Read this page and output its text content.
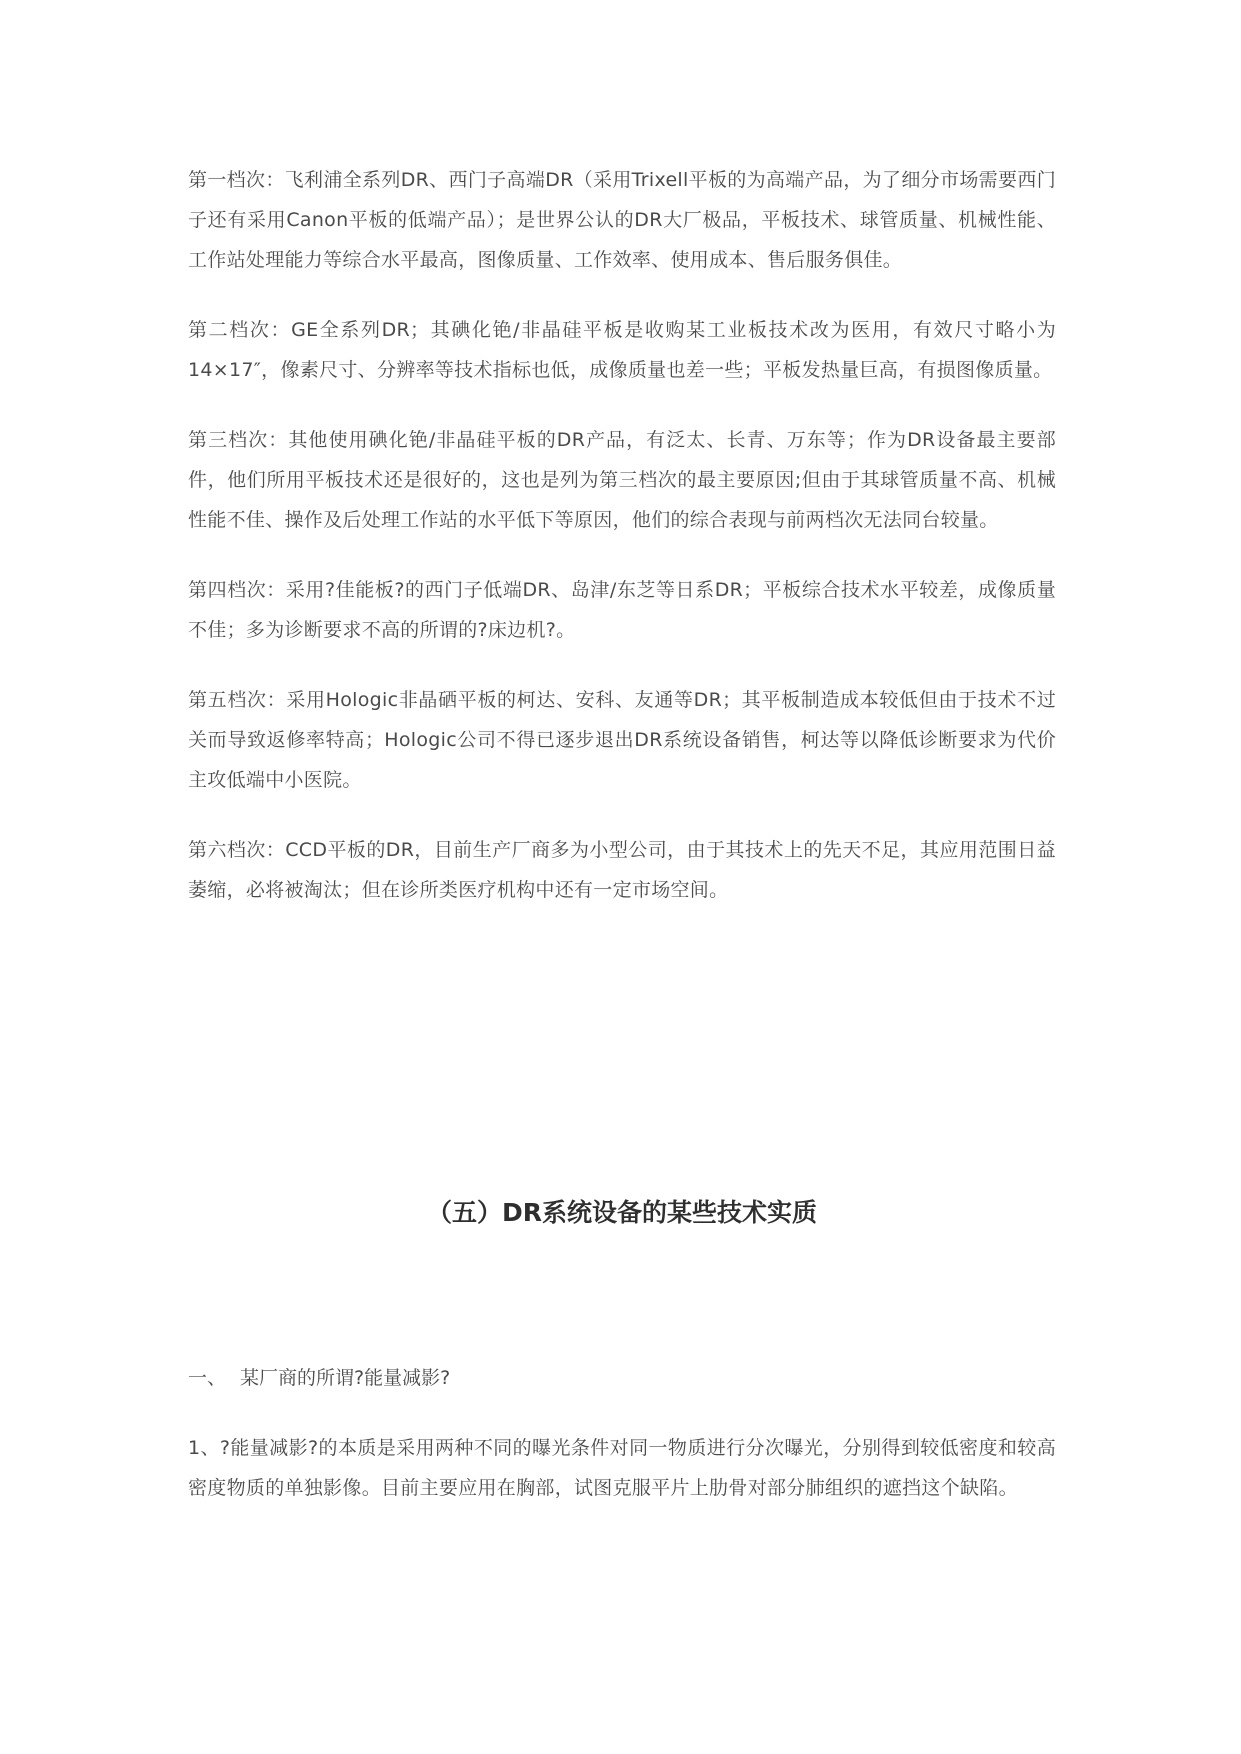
第一档次：飞利浦全系列DR、西门子高端DR（采用Trixell平板的为高端产品，为了细分市场需要西门子还有采用Canon平板的低端产品）；是世界公认的DR大厂极品，平板技术、球管质量、机械性能、工作站处理能力等综合水平最高，图像质量、工作效率、使用成本、售后服务俱佳。

第二档次：GE全系列DR；其碘化铯/非晶硅平板是收购某工业板技术改为医用，有效尺寸略小为14×17″，像素尺寸、分辨率等技术指标也低，成像质量也差一些；平板发热量巨高，有损图像质量。

第三档次：其他使用碘化铯/非晶硅平板的DR产品，有泛太、长青、万东等；作为DR设备最主要部件，他们所用平板技术还是很好的，这也是列为第三档次的最主要原因;但由于其球管质量不高、机械性能不佳、操作及后处理工作站的水平低下等原因，他们的综合表现与前两档次无法同台较量。

第四档次：采用?佳能板?的西门子低端DR、岛津/东芝等日系DR；平板综合技术水平较差，成像质量不佳；多为诊断要求不高的所谓的?床边机?。

第五档次：采用Hologic非晶硒平板的柯达、安科、友通等DR；其平板制造成本较低但由于技术不过关而导致返修率特高；Hologic公司不得已逐步退出DR系统设备销售，柯达等以降低诊断要求为代价主攻低端中小医院。

第六档次：CCD平板的DR，目前生产厂商多为小型公司，由于其技术上的先天不足，其应用范围日益萎缩，必将被淘汰；但在诊所类医疗机构中还有一定市场空间。

（五）DR系统设备的某些技术实质

一、 某厂商的所谓?能量减影?

1、?能量减影?的本质是采用两种不同的曝光条件对同一物质进行分次曝光，分别得到较低密度和较高密度物质的单独影像。目前主要应用在胸部，试图克服平片上肋骨对部分肺组织的遮挡这个缺陷。
